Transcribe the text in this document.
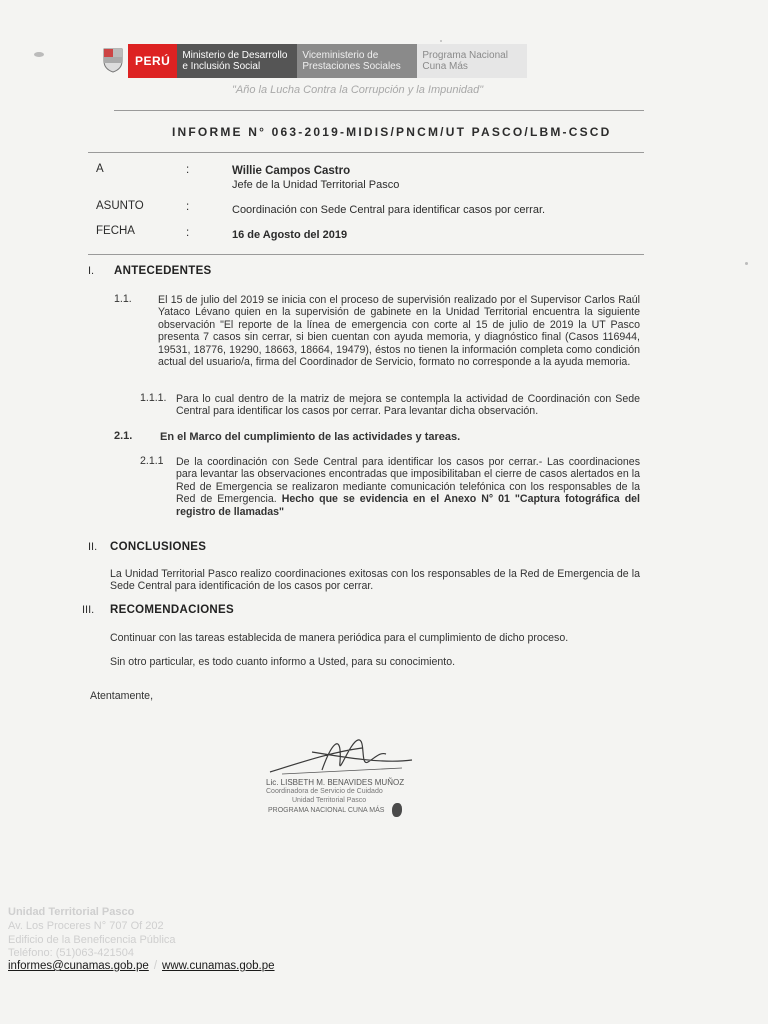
PERÚ	Ministerio de Desarrollo e Inclusión Social
Viceministerio de Prestaciones Sociales
Programa Nacional Cuna Más
"Año la Lucha Contra la Corrupción y la Impunidad"
INFORME N° 063-2019-MIDIS/PNCM/UT PASCO/LBM-CSCD
A	:	Willie Campos Castro
Jefe de la Unidad Territorial Pasco
ASUNTO	:	Coordinación con Sede Central para identificar casos por cerrar.
FECHA	:	16 de Agosto del 2019
I. ANTECEDENTES
1.1. El 15 de julio del 2019 se inicia con el proceso de supervisión realizado por el Supervisor Carlos Raúl Yataco Lévano quien en la supervisión de gabinete en la Unidad Territorial encuentra la siguiente observación "El reporte de la línea de emergencia con corte al 15 de julio de 2019 la UT Pasco presenta 7 casos sin cerrar, si bien cuentan con ayuda memoria, y diagnóstico final (Casos 116944, 19531, 18776, 19290, 18663, 18664, 19479), éstos no tienen la información completa como condición actual del usuario/a, firma del Coordinador de Servicio, formato no corresponde a la ayuda memoria.
1.1.1. Para lo cual dentro de la matriz de mejora se contempla la actividad de Coordinación con Sede Central para identificar los casos por cerrar. Para levantar dicha observación.
2.1.	En el Marco del cumplimiento de las actividades y tareas.
2.1.1 De la coordinación con Sede Central para identificar los casos por cerrar.- Las coordinaciones para levantar las observaciones encontradas que imposibilitaban el cierre de casos alertados en la Red de Emergencia se realizaron mediante comunicación telefónica con los responsables de la Red de Emergencia. Hecho que se evidencia en el Anexo N° 01 "Captura fotográfica del registro de llamadas"
II. CONCLUSIONES
La Unidad Territorial Pasco realizo coordinaciones exitosas con los responsables de la Red de Emergencia de la Sede Central para identificación de los casos por cerrar.
III. RECOMENDACIONES
Continuar con las tareas establecida de manera periódica para el cumplimiento de dicho proceso.
Sin otro particular, es todo cuanto informo a Usted, para su conocimiento.
Atentamente,
Lic. LISBETH M. BENAVIDES MUÑOZ
Coordinadora de Servicio de Cuidado
Unidad Territorial Pasco
PROGRAMA NACIONAL CUNA MÁS
Unidad Territorial Pasco
Av. Los Proceres N° 707 Of 202
Edificio de la Beneficencia Pública
Teléfono: (51)063-421504
informes@cunamas.gob.pe / www.cunamas.gob.pe
